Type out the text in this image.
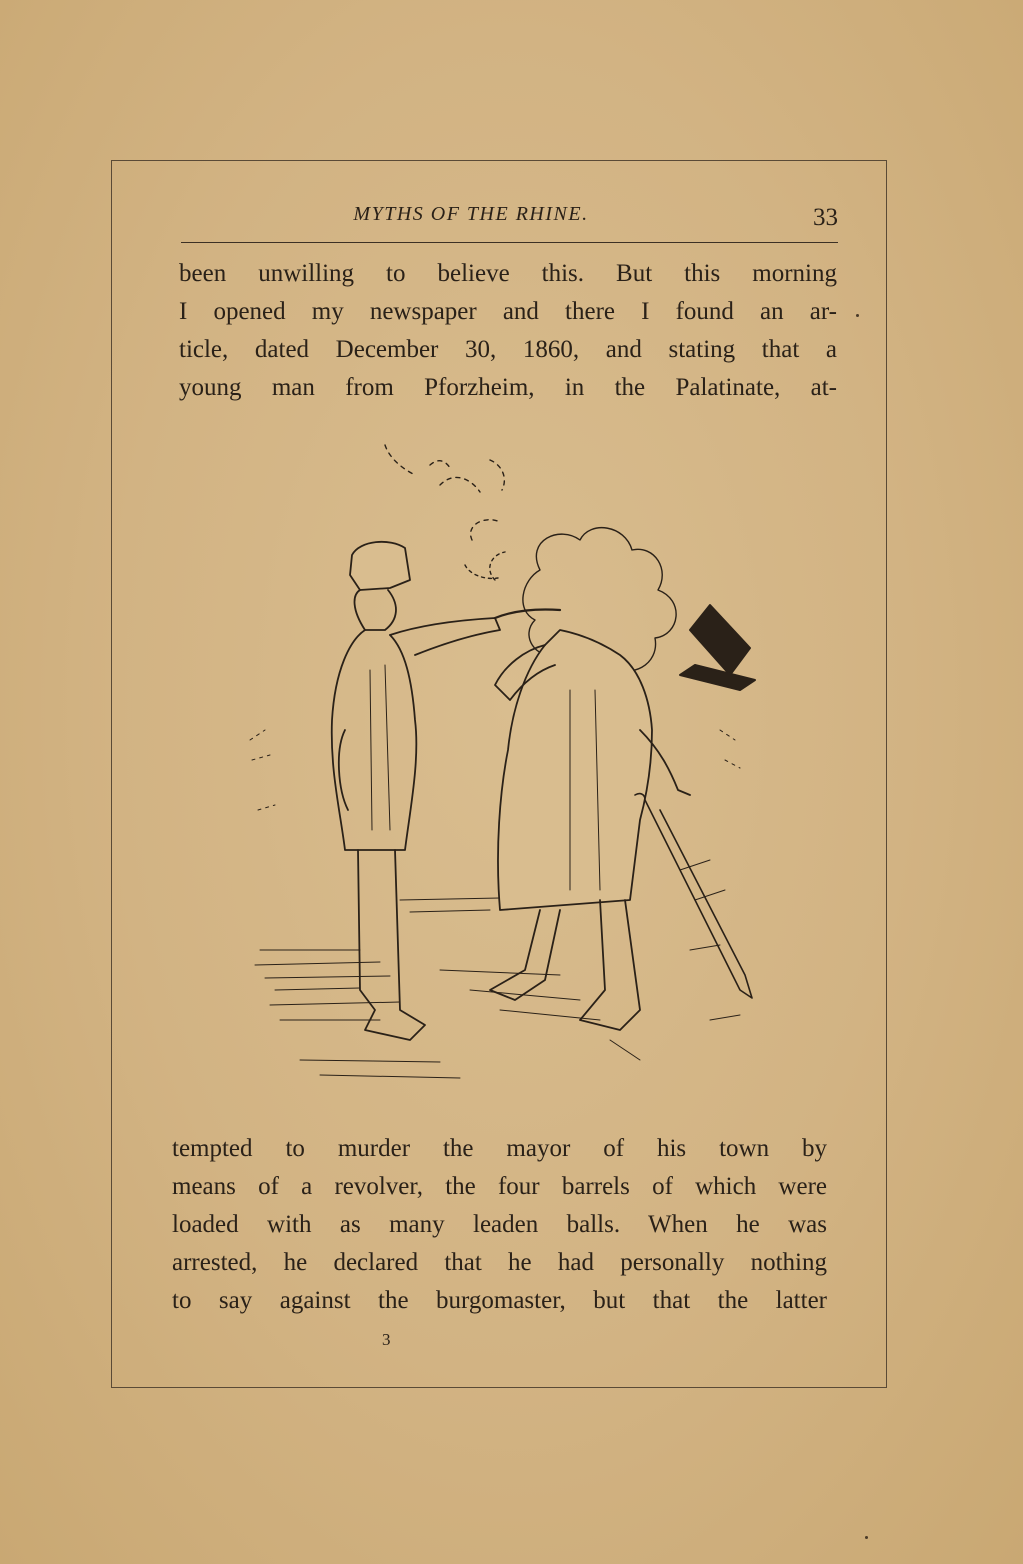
MYTHS OF THE RHINE.	33
been unwilling to believe this. But this morning
I opened my newspaper and there I found an ar-
ticle, dated December 30, 1860, and stating that a
young man from Pforzheim, in the Palatinate, at-
tempted to murder the mayor of his town by
means of a revolver, the four barrels of which were
loaded with as many leaden balls. When he was
arrested, he declared that he had personally nothing
to say against the burgomaster, but that the latter
3
